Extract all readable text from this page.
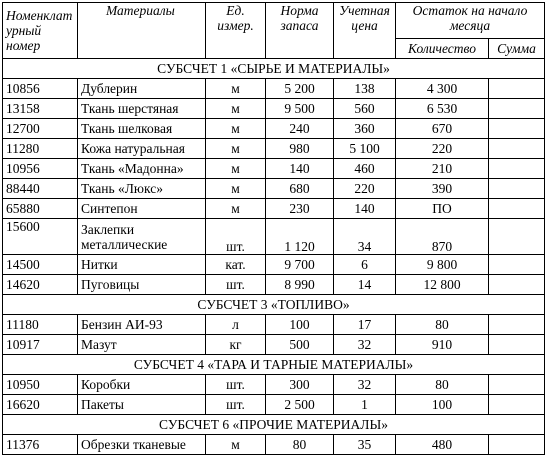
Номенклат урный номер	Материалы	Ед. измер.	Норма запаса	Учетная цена	Остаток на начало месяца	
					Количество	Сумма
СУБСЧЕТ 1 «СЫРЬЕ И МАТЕРИАЛЫ»						
10856	Дублерин	м	5 200	138	4 300	
13158	Ткань шерстяная	м	9 500	560	6 530	
12700	Ткань шелковая	м	240	360	670	
11280	Кожа натуральная	м	980	5 100	220	
10956	Ткань «Мадонна»	м	140	460	210	
88440	Ткань «Люкс»	м	680	220	390	
65880	Синтепон	м	230	140	ПО	
15600	Заклепки металлические	шт.	1 120	34	870	
14500	Нитки	кат.	9 700	6	9 800	
14620	Пуговицы	шт.	8 990	14	12 800	
СУБСЧЕТ 3 «ТОПЛИВО»						
11180	Бензин АИ-93	л	100	17	80	
10917	Мазут	кг	500	32	910	
СУБСЧЕТ 4 «ТАРА И ТАРНЫЕ МАТЕРИАЛЫ»						
10950	Коробки	шт.	300	32	80	
16620	Пакеты	шт.	2 500	1	100	
СУБСЧЕТ 6 «ПРОЧИЕ МАТЕРИАЛЫ»						
11376	Обрезки тканевые	м	80	35	480	
